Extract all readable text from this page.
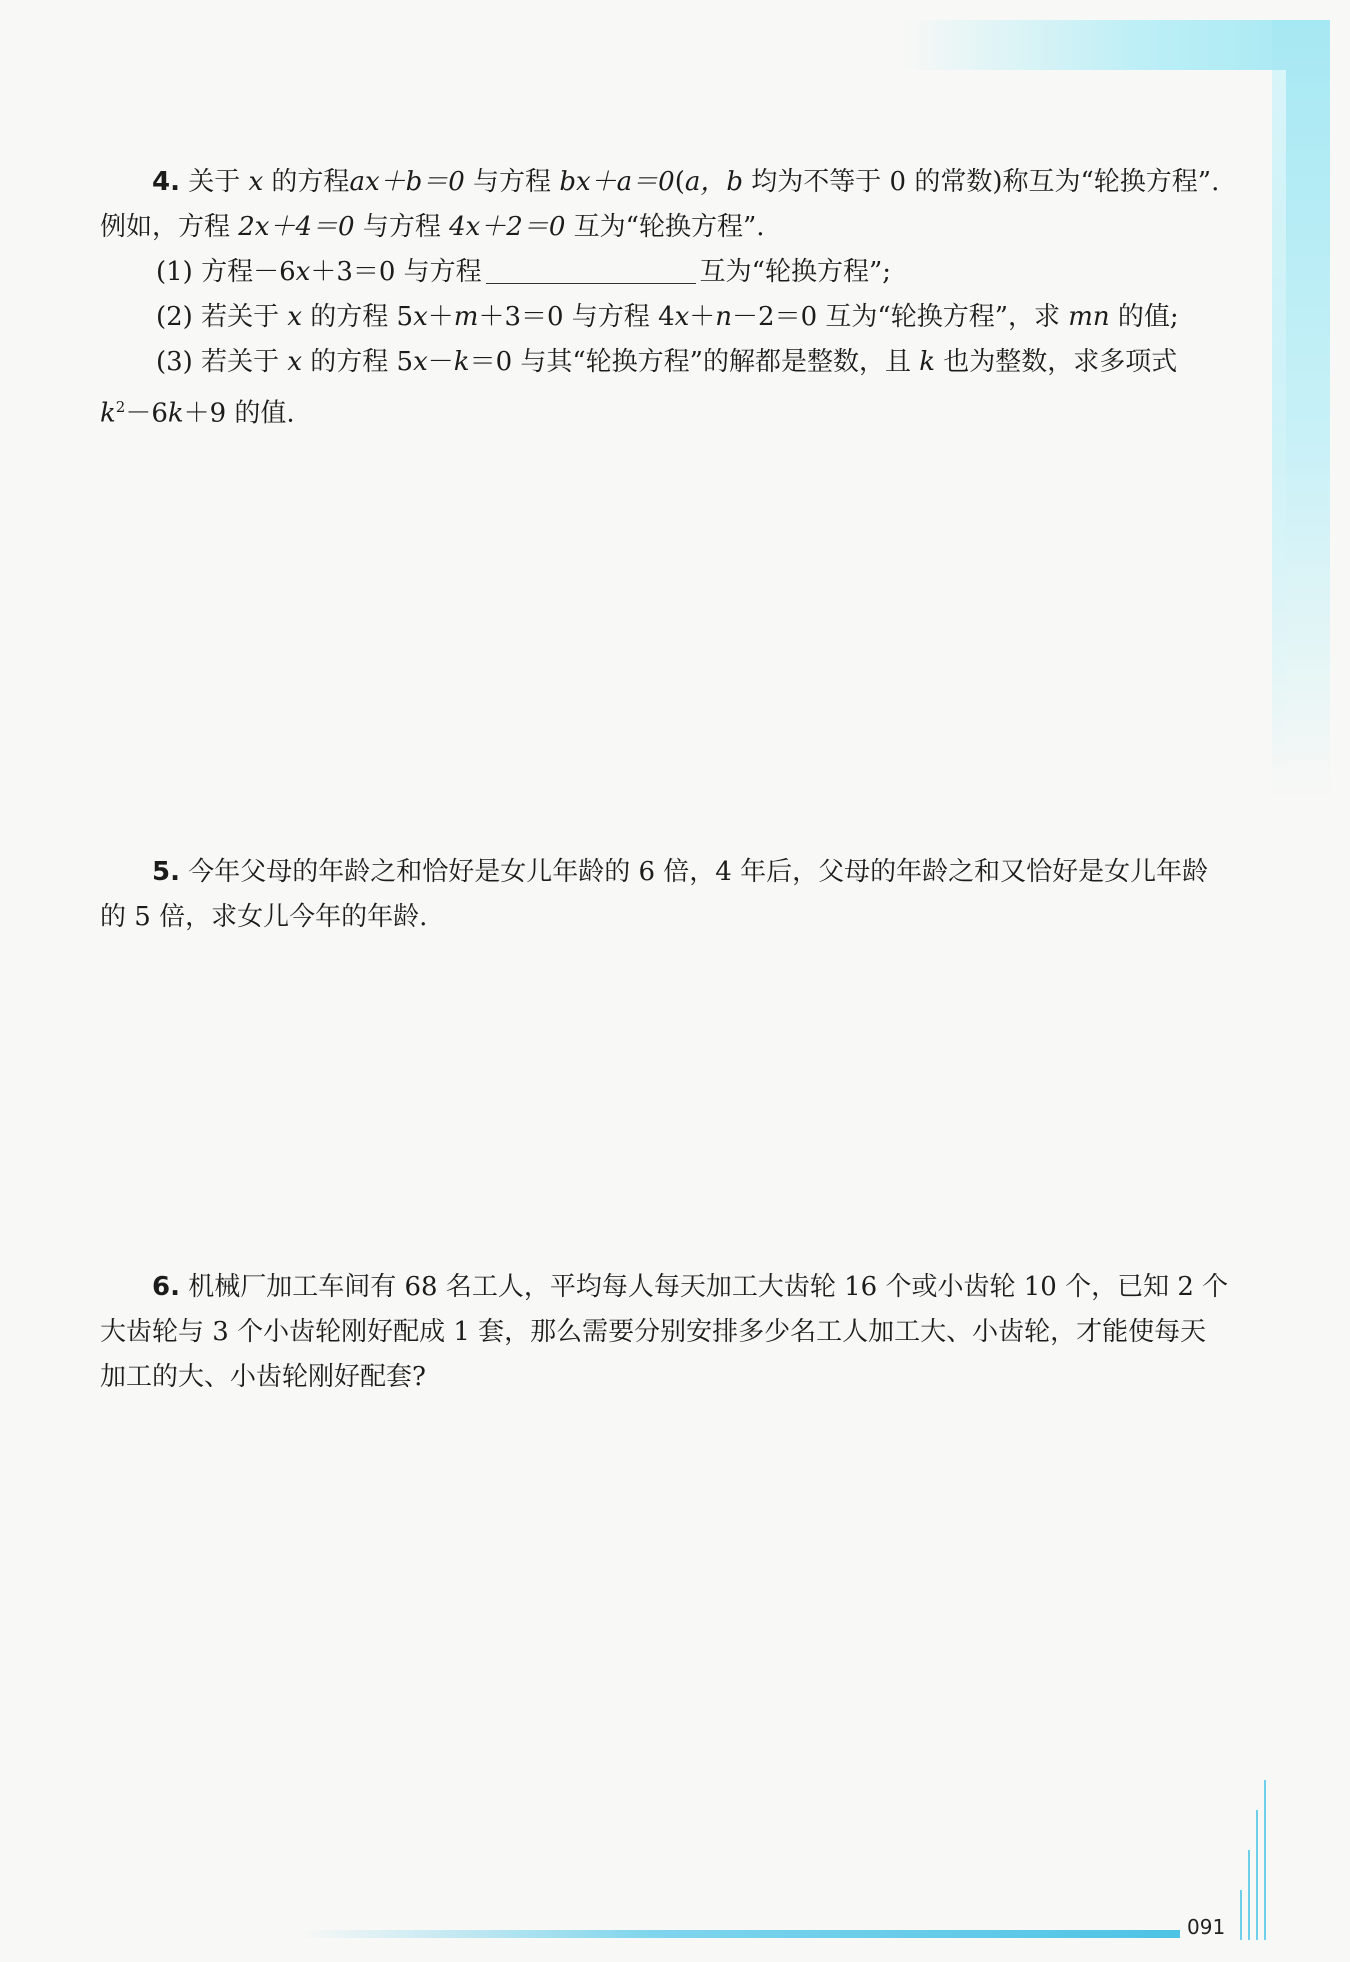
4. 关于 x 的方程ax＋b＝0 与方程 bx＋a＝0(a，b 均为不等于 0 的常数)称互为“轮换方程”.例如，方程 2x＋4＝0 与方程 4x＋2＝0 互为“轮换方程”.

(1) 方程－6x＋3＝0 与方程	互为“轮换方程”;

(2) 若关于 x 的方程 5x＋m＋3＝0 与方程 4x＋n－2＝0 互为“轮换方程”，求 mn 的值;

(3) 若关于 x 的方程 5x－k＝0 与其“轮换方程”的解都是整数，且 k 也为整数，求多项式

$k^2-6k+9$ 的值.

5. 今年父母的年龄之和恰好是女儿年龄的 6 倍，4 年后，父母的年龄之和又恰好是女儿年龄的 5 倍，求女儿今年的年龄.

6. 机械厂加工车间有 68 名工人，平均每人每天加工大齿轮 16 个或小齿轮 10 个，已知 2 个大齿轮与 3 个小齿轮刚好配成 1 套，那么需要分别安排多少名工人加工大、小齿轮，才能使每天加工的大、小齿轮刚好配套?

091
